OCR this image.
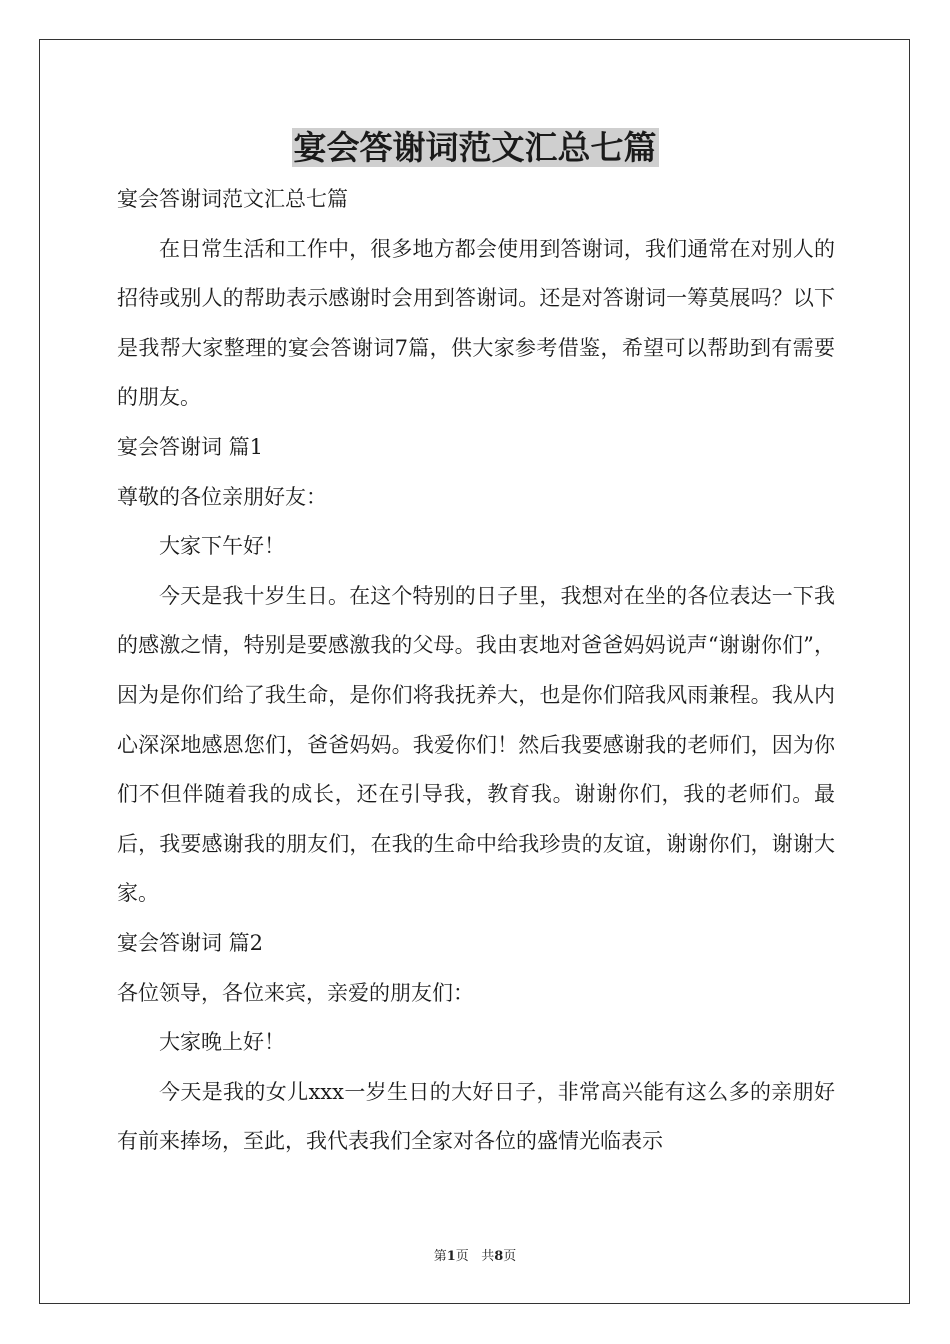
宴会答谢词范文汇总七篇

宴会答谢词范文汇总七篇

在日常生活和工作中，很多地方都会使用到答谢词，我们通常在对别人的招待或别人的帮助表示感谢时会用到答谢词。还是对答谢词一筹莫展吗？以下是我帮大家整理的宴会答谢词7篇，供大家参考借鉴，希望可以帮助到有需要的朋友。

宴会答谢词 篇1

尊敬的各位亲朋好友：

大家下午好！

今天是我十岁生日。在这个特别的日子里，我想对在坐的各位表达一下我的感激之情，特别是要感激我的父母。我由衷地对爸爸妈妈说声“谢谢你们”，因为是你们给了我生命，是你们将我抚养大，也是你们陪我风雨兼程。我从内心深深地感恩您们，爸爸妈妈。我爱你们！然后我要感谢我的老师们，因为你们不但伴随着我的成长，还在引导我，教育我。谢谢你们，我的老师们。最后，我要感谢我的朋友们，在我的生命中给我珍贵的友谊，谢谢你们，谢谢大家。

宴会答谢词 篇2

各位领导，各位来宾，亲爱的朋友们：

大家晚上好！

今天是我的女儿xxx一岁生日的大好日子，非常高兴能有这么多的亲朋好有前来捧场，至此，我代表我们全家对各位的盛情光临表示

第1页 共8页
